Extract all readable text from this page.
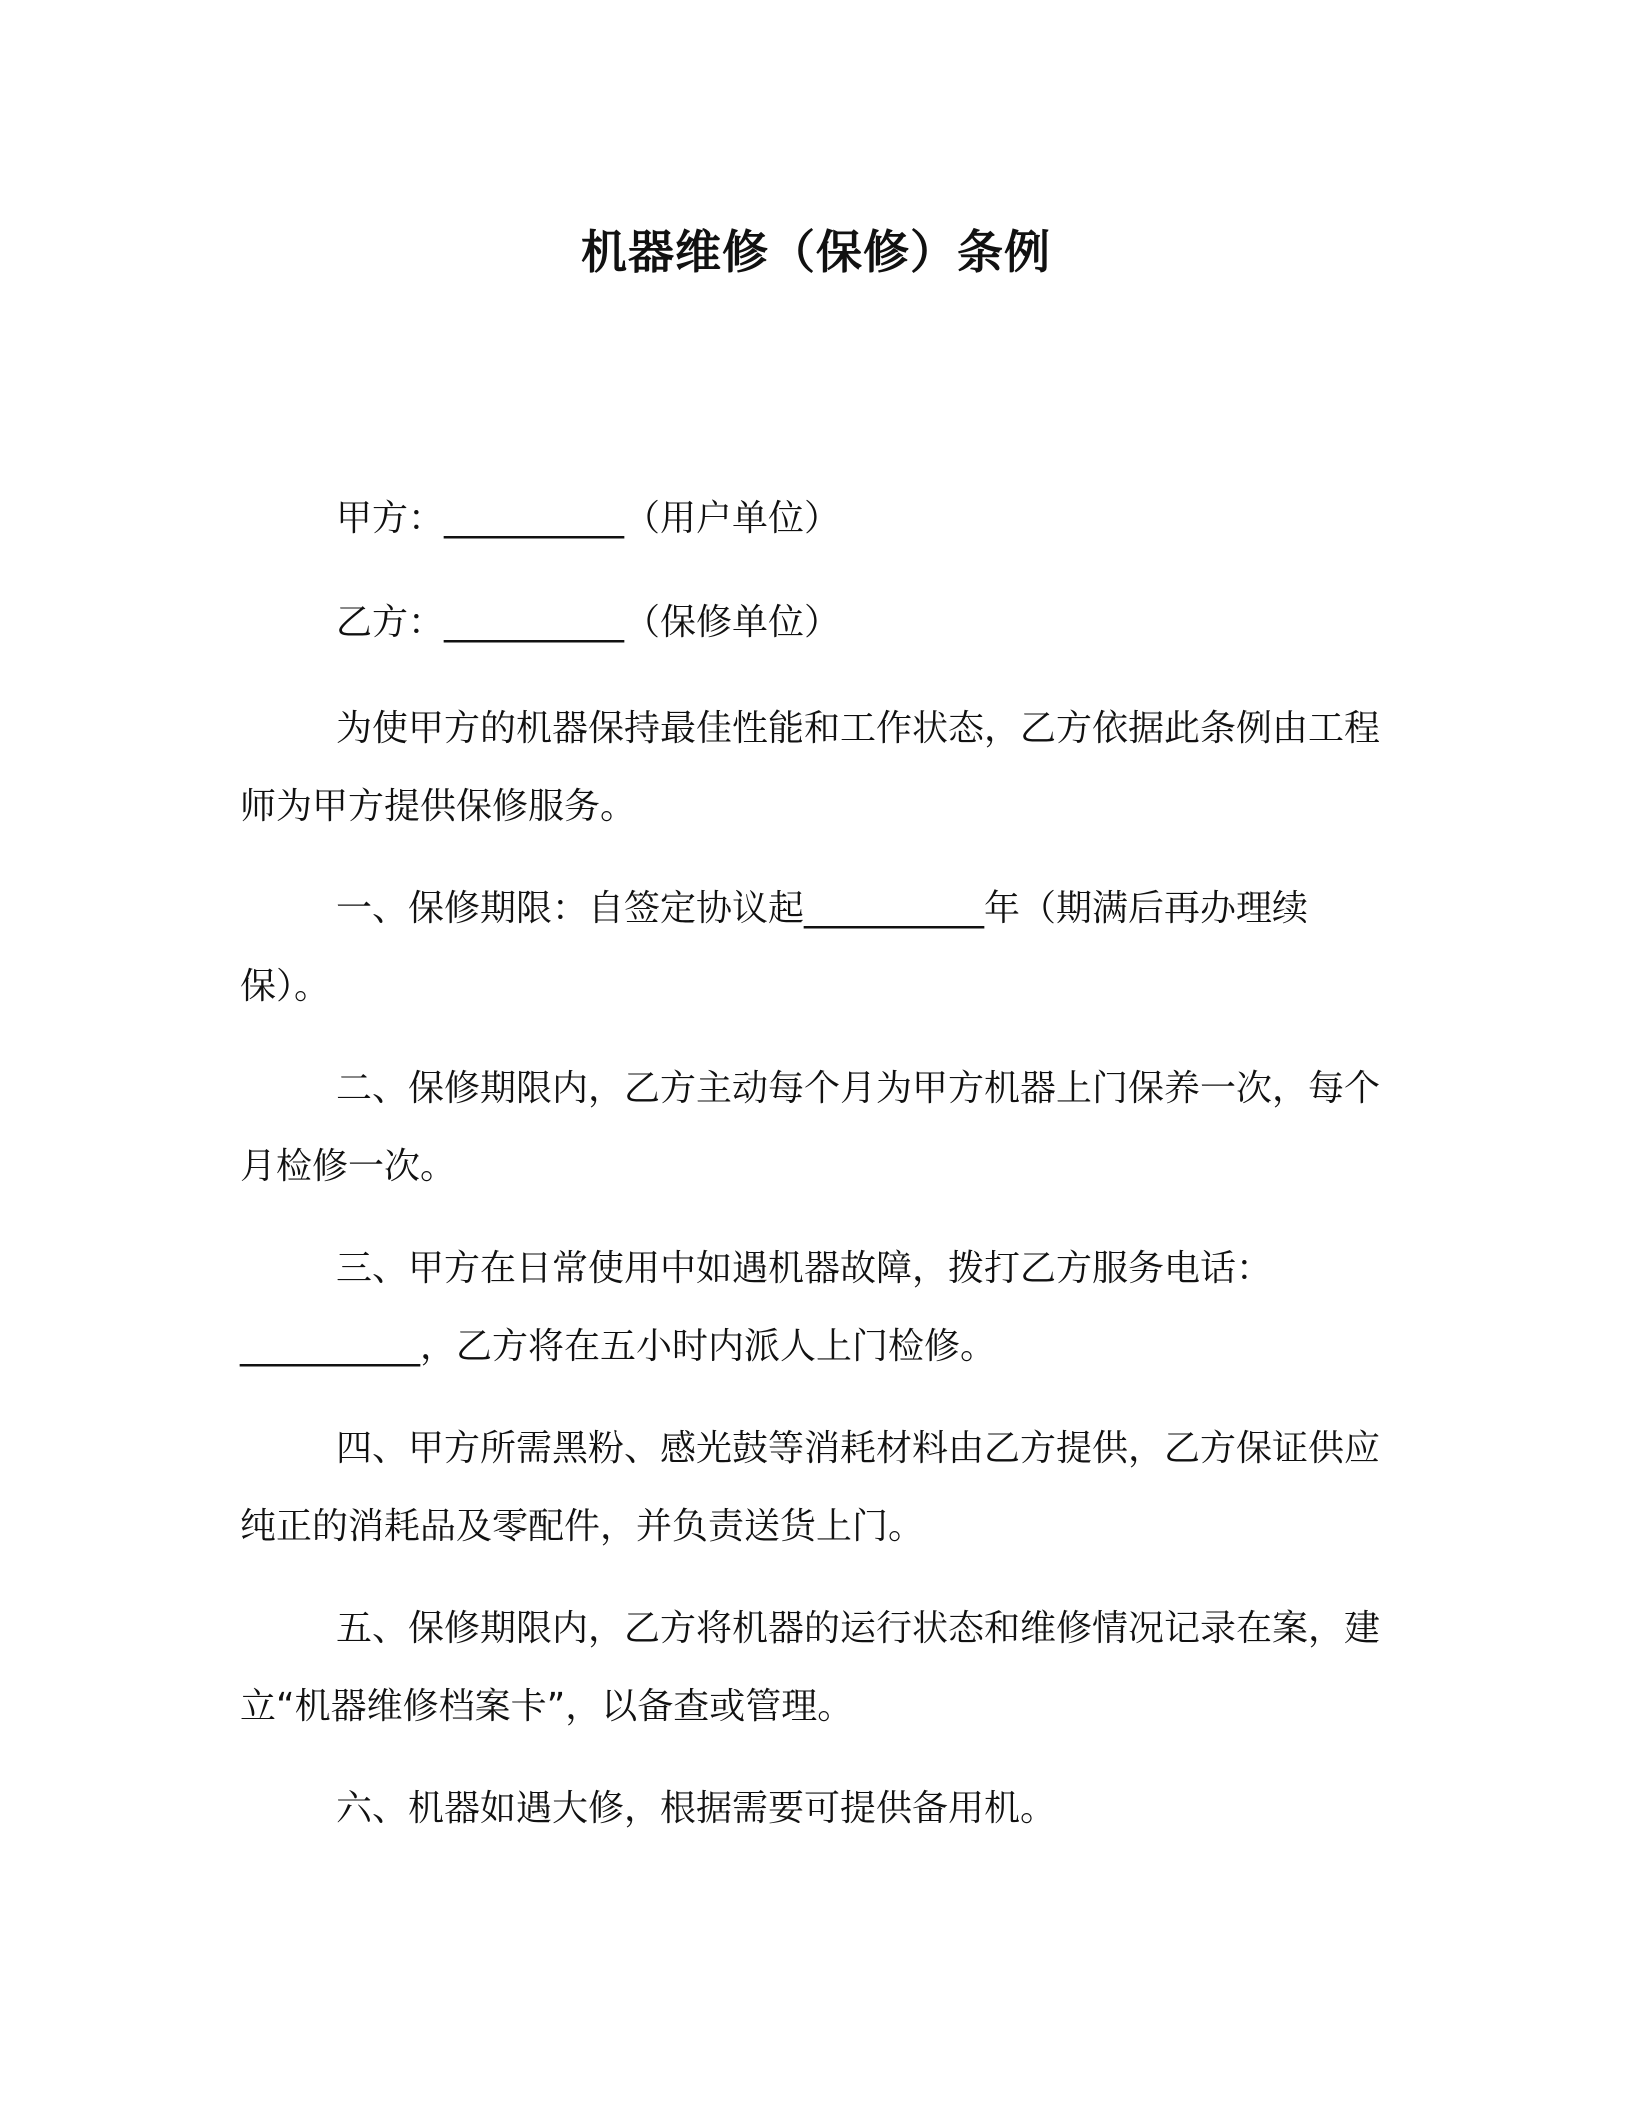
机器维修（保修）条例
甲方：__________（用户单位）
乙方：__________（保修单位）
为使甲方的机器保持最佳性能和工作状态，乙方依据此条例由工程师为甲方提供保修服务。
一、保修期限：自签定协议起__________年（期满后再办理续保）。
二、保修期限内，乙方主动每个月为甲方机器上门保养一次，每个月检修一次。
三、甲方在日常使用中如遇机器故障，拨打乙方服务电话：__________，乙方将在五小时内派人上门检修。
四、甲方所需黑粉、感光鼓等消耗材料由乙方提供，乙方保证供应纯正的消耗品及零配件，并负责送货上门。
五、保修期限内，乙方将机器的运行状态和维修情况记录在案，建立“机器维修档案卡”，以备查或管理。
六、机器如遇大修，根据需要可提供备用机。
